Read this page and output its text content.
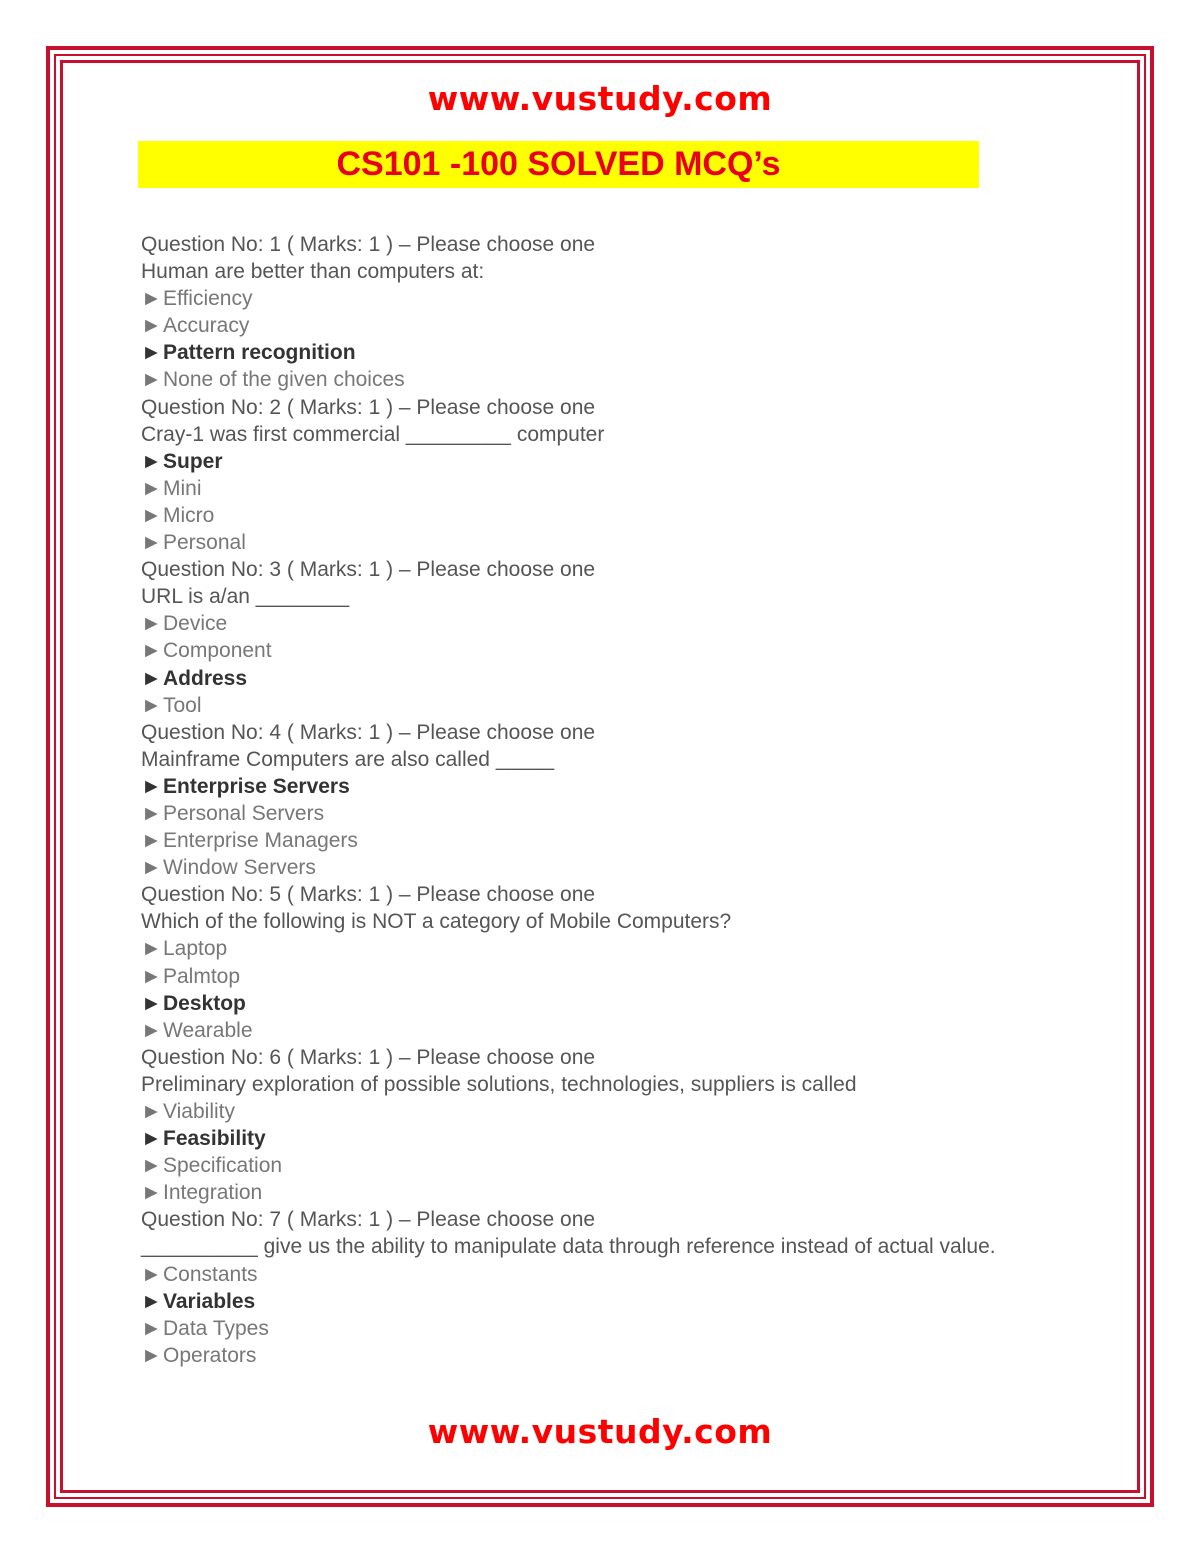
www.vustudy.com
CS101 -100 SOLVED MCQ’s

Question No: 1 ( Marks: 1 ) – Please choose one

Human are better than computers at:

►Efficiency

►Accuracy

►Pattern recognition

►None of the given choices

Question No: 2 ( Marks: 1 ) – Please choose one

Cray-1 was first commercial _________ computer

►Super

►Mini

►Micro

►Personal

Question No: 3 ( Marks: 1 ) – Please choose one

URL is a/an ________

►Device

►Component

►Address

►Tool

Question No: 4 ( Marks: 1 ) – Please choose one

Mainframe Computers are also called _____

►Enterprise Servers

►Personal Servers

►Enterprise Managers

►Window Servers

Question No: 5 ( Marks: 1 ) – Please choose one

Which of the following is NOT a category of Mobile Computers?

►Laptop

►Palmtop

►Desktop

►Wearable

Question No: 6 ( Marks: 1 ) – Please choose one

Preliminary exploration of possible solutions, technologies, suppliers is called

►Viability

►Feasibility

►Specification

►Integration

Question No: 7 ( Marks: 1 ) – Please choose one

__________ give us the ability to manipulate data through reference instead of actual value.

►Constants

►Variables

►Data Types

►Operators

www.vustudy.com
